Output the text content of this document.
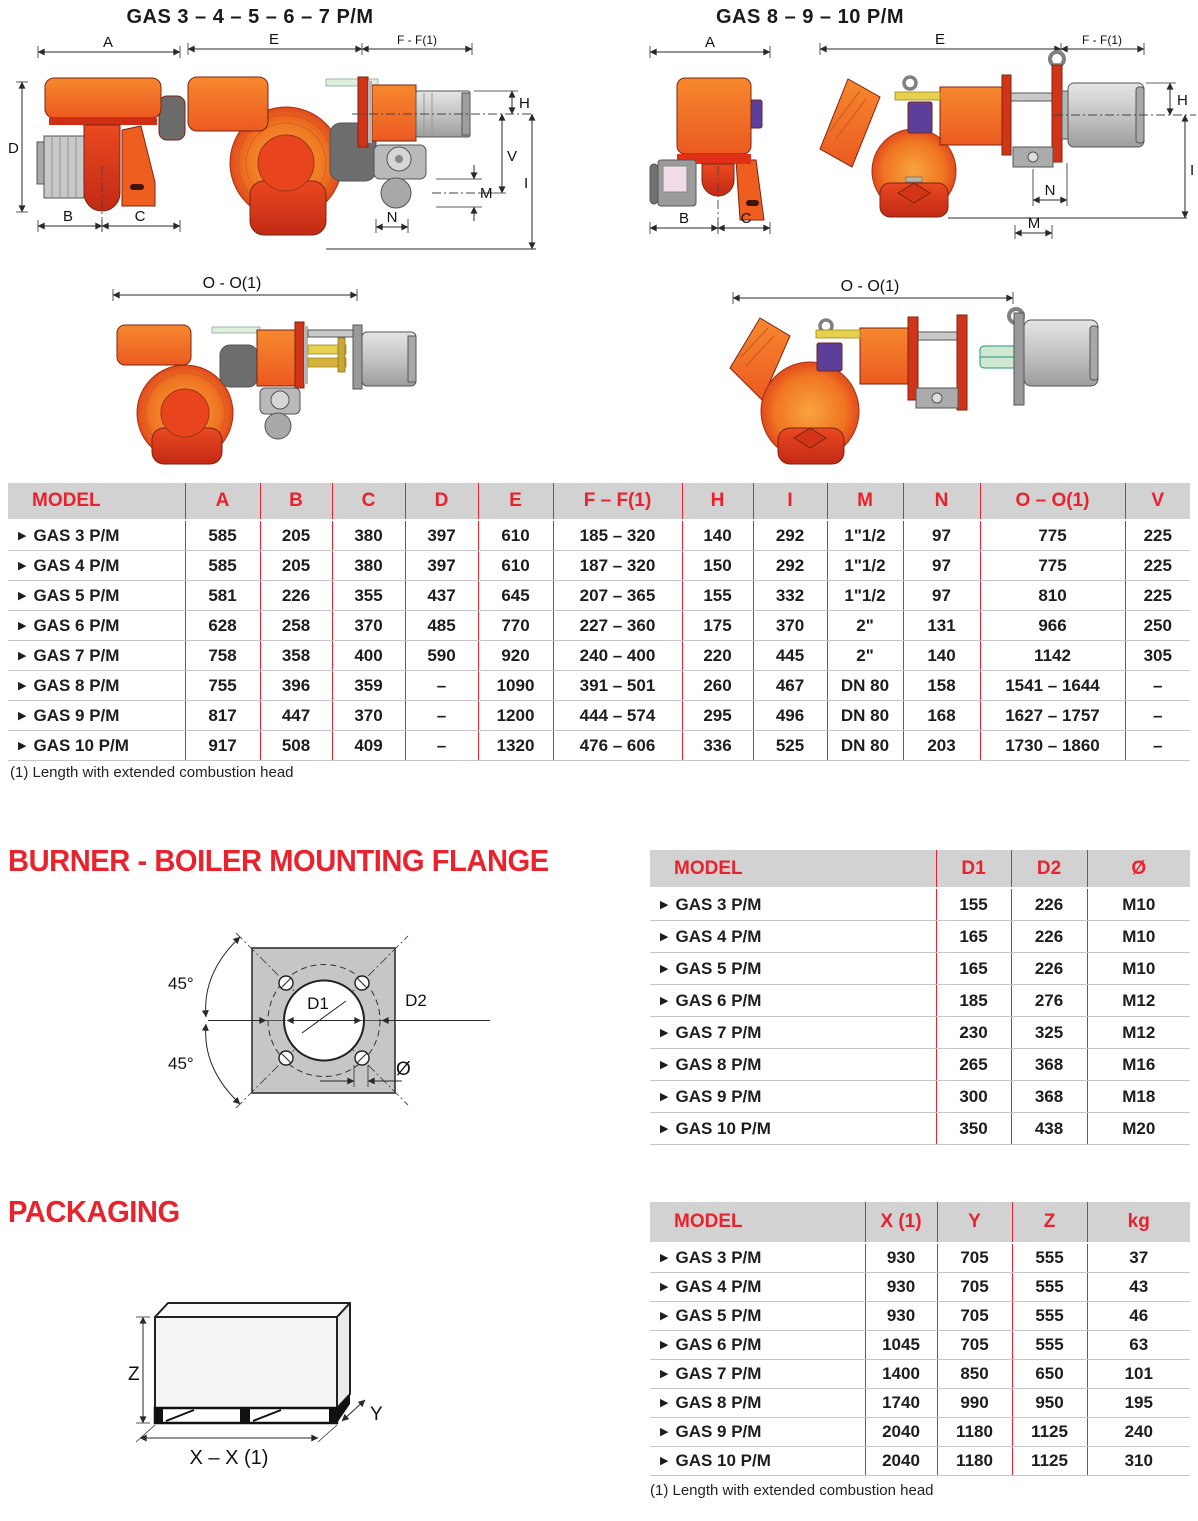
GAS 3 – 4 – 5 – 6 – 7 P/M	GAS 8 – 9 – 10 P/M
A
D
B	C
E	F - F(1)
H
V
I
M
N
A
B	C
E	F - F(1)
H
I
N
M
O - O(1)	O - O(1)
MODEL	A	B	C	D	E	F – F(1)	H	I	M	N	O – O(1)	V
▶ GAS 3 P/M	585	205	380	397	610	185 – 320	140	292	1"1/2	97	775	225
▶ GAS 4 P/M	585	205	380	397	610	187 – 320	150	292	1"1/2	97	775	225
▶ GAS 5 P/M	581	226	355	437	645	207 – 365	155	332	1"1/2	97	810	225
▶ GAS 6 P/M	628	258	370	485	770	227 – 360	175	370	2"	131	966	250
▶ GAS 7 P/M	758	358	400	590	920	240 – 400	220	445	2"	140	1142	305
▶ GAS 8 P/M	755	396	359	–	1090	391 – 501	260	467	DN 80	158	1541 – 1644	–
▶ GAS 9 P/M	817	447	370	–	1200	444 – 574	295	496	DN 80	168	1627 – 1757	–
▶ GAS 10 P/M	917	508	409	–	1320	476 – 606	336	525	DN 80	203	1730 – 1860	–
(1) Length with extended combustion head
BURNER - BOILER MOUNTING FLANGE
D1	D2
45°
45°	Ø
MODEL	D1	D2	Ø
▶ GAS 3 P/M	155	226	M10
▶ GAS 4 P/M	165	226	M10
▶ GAS 5 P/M	165	226	M10
▶ GAS 6 P/M	185	276	M12
▶ GAS 7 P/M	230	325	M12
▶ GAS 8 P/M	265	368	M16
▶ GAS 9 P/M	300	368	M18
▶ GAS 10 P/M	350	438	M20
PACKAGING
Z
X – X (1)
Y
MODEL	X (1)	Y	Z	kg
▶ GAS 3 P/M	930	705	555	37
▶ GAS 4 P/M	930	705	555	43
▶ GAS 5 P/M	930	705	555	46
▶ GAS 6 P/M	1045	705	555	63
▶ GAS 7 P/M	1400	850	650	101
▶ GAS 8 P/M	1740	990	950	195
▶ GAS 9 P/M	2040	1180	1125	240
▶ GAS 10 P/M	2040	1180	1125	310
(1) Length with extended combustion head
